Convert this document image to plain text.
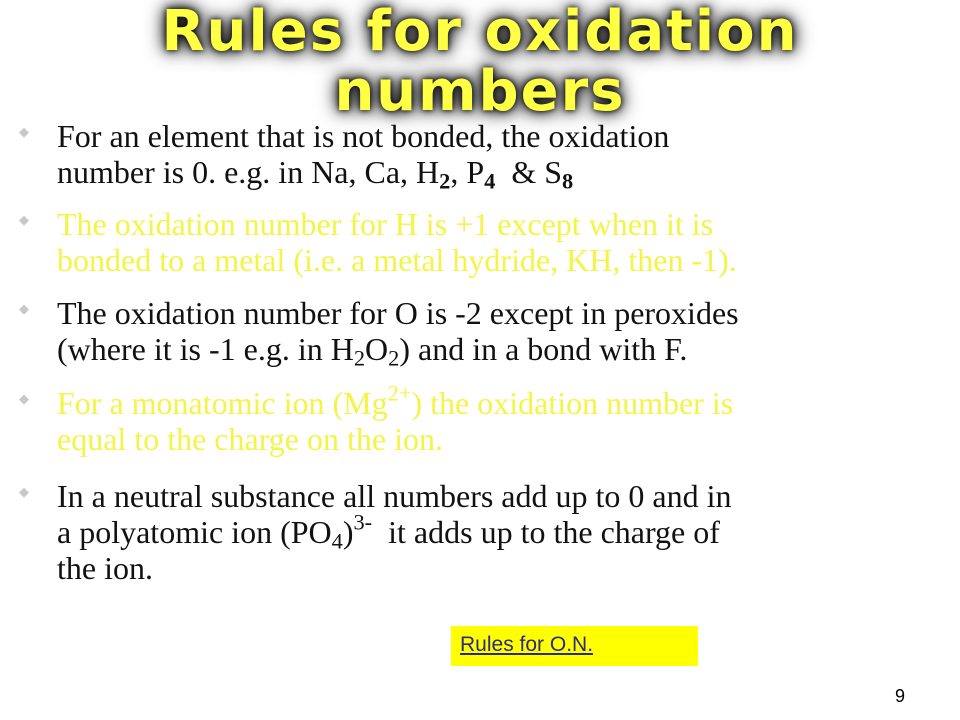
Rules for oxidation numbers
◆ For an element that is not bonded, the oxidation
number is 0. e.g. in Na, Ca, $H_2$, $P_4$  & $S_8$
◆ The oxidation number for H is +1 except when it is
bonded to a metal (i.e. a metal hydride, KH, then -1).
◆ The oxidation number for O is -2 except in peroxides
(where it is -1 e.g. in $H_2O_2$) and in a bond with F.
◆ For a monatomic ion $(Mg^{2+})$ the oxidation number is
equal to the charge on the ion.
◆ In a neutral substance all numbers add up to 0 and in
a polyatomic ion $(PO_4)^{3-}$  it adds up to the charge of
the ion.
Rules for O.N.
9
